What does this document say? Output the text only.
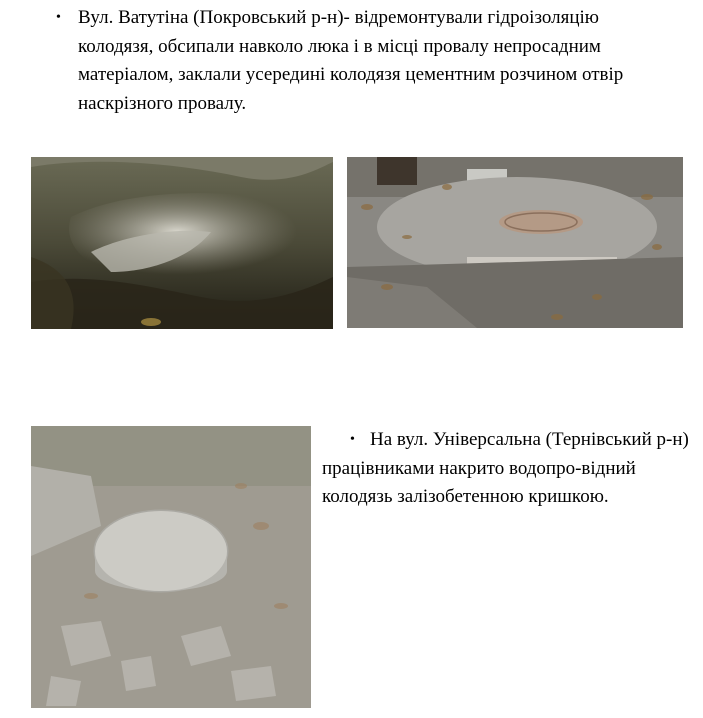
• Вул. Ватутіна (Покровський р-н)- відремонтували гідроізоляцію колодязя, обсипали навколо люка і в місці провалу непросадним матеріалом, заклали усередині колодязя цементним розчином отвір наскрізного провалу.
• На вул. Універсальна (Тернівський р-н) працівниками накрито водопро-відний колодязь залізобетенною кришкою.
